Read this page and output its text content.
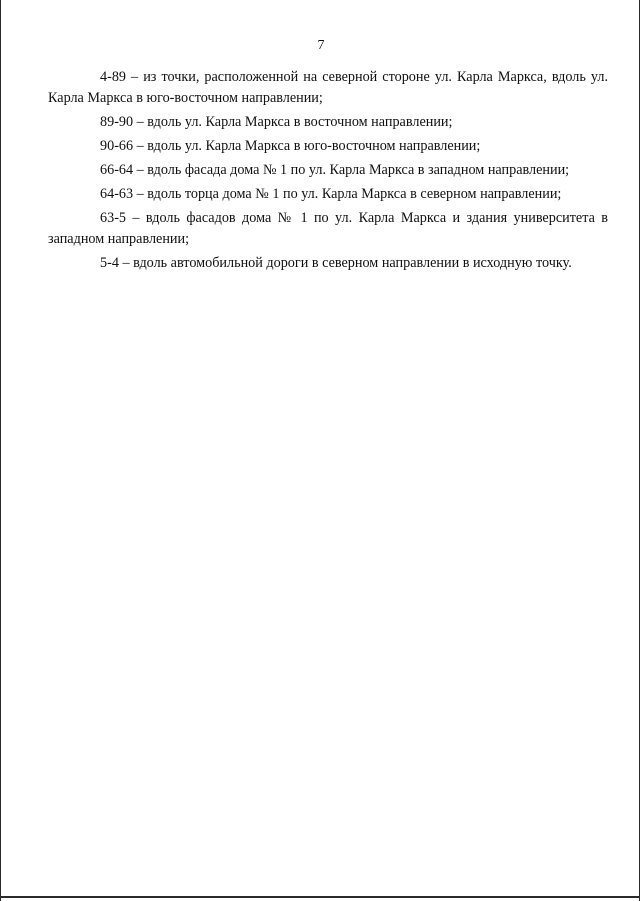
7

4-89 – из точки, расположенной на северной стороне ул. Карла Маркса, вдоль ул. Карла Маркса в юго-восточном направлении;

89-90 – вдоль ул. Карла Маркса в восточном направлении;

90-66 – вдоль ул. Карла Маркса в юго-восточном направлении;

66-64 – вдоль фасада дома № 1 по ул. Карла Маркса в западном направлении;

64-63 – вдоль торца дома № 1 по ул. Карла Маркса в северном направлении;

63-5 – вдоль фасадов дома № 1 по ул. Карла Маркса и здания университета в западном направлении;

5-4 – вдоль автомобильной дороги в северном направлении в исходную точку.
